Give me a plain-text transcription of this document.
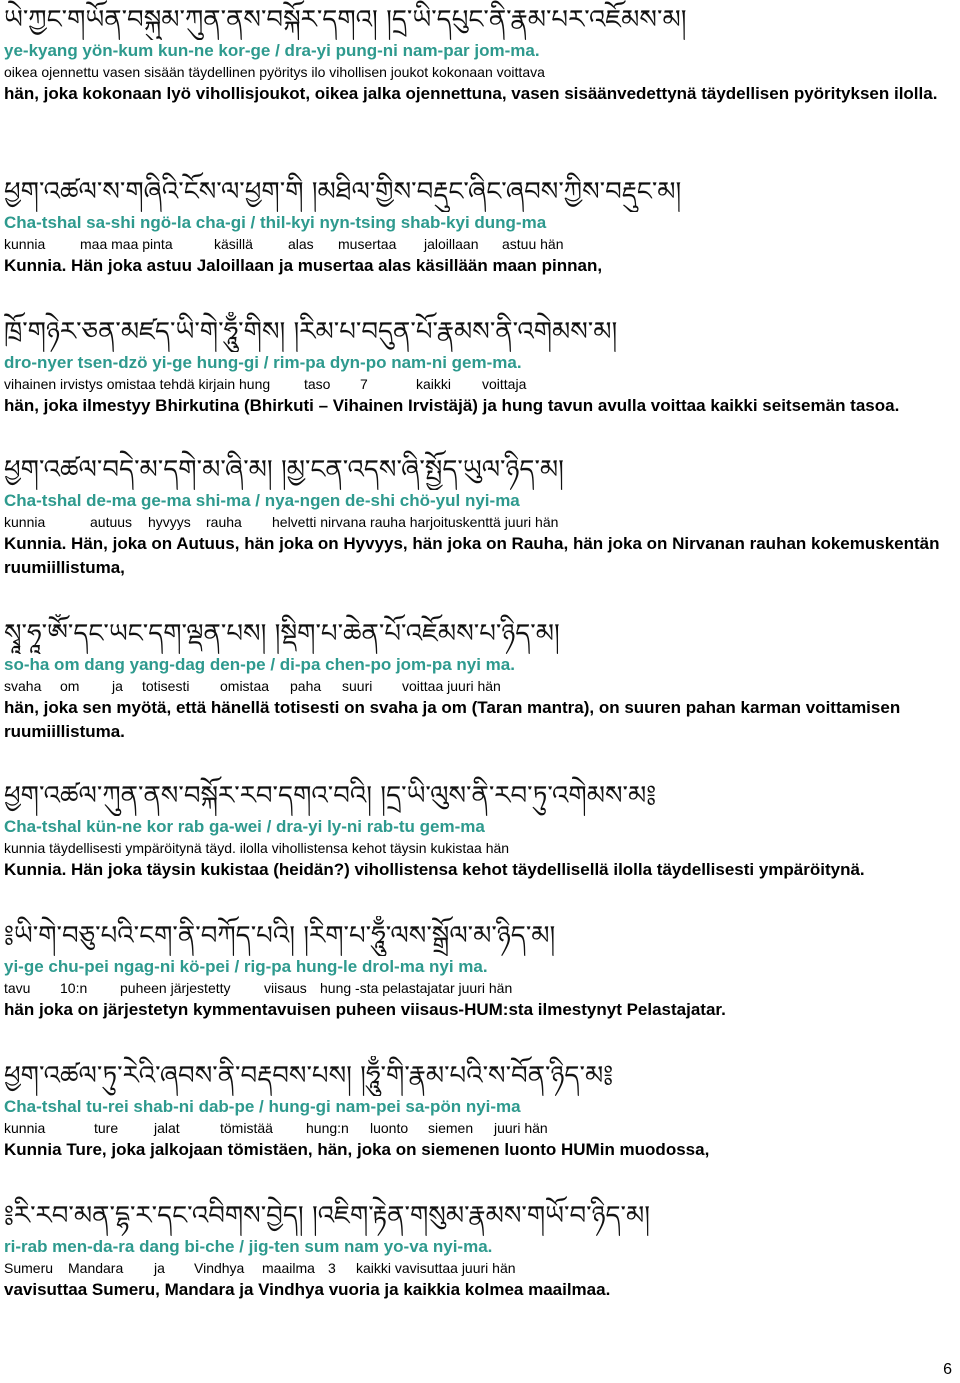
ཡེ་ཀྱང་གཡོན་བསྐུམ་ཀུན་ནས་བསྐོར་དགའ། །དྲ་ཡི་དཔུང་ནི་རྣམ་པར་འཇོམས་མ།
ye-kyang yön-kum kun-ne kor-ge / dra-yi pung-ni nam-par jom-ma.
oikea ojennettu vasen sisään täydellinen pyöritys ilo vihollisen joukot kokonaan voittava
hän, joka kokonaan lyö vihollisjoukot, oikea jalka ojennettuna, vasen sisäänvedettynä täydellisen pyörityksen ilolla.
ཕྱག་འཚལ་ས་གཞིའི་ངོས་ལ་ཕྱག་གི །མཐིལ་གྱིས་བརྡུང་ཞིང་ཞབས་ཀྱིས་བརྡུང་མ།
Cha-tshal sa-shi ngö-la cha-gi / thil-kyi nyn-tsing shab-kyi dung-ma
kunnia maa maa pinta	käsillä	alas musertaa jaloillaan astuu hän
Kunnia. Hän joka astuu Jaloillaan ja musertaa alas käsillään maan pinnan,
ཁྲོ་གཉེར་ཅན་མཛད་ཡི་གེ་ཧཱུྃ་གིས། །རིམ་པ་བདུན་པོ་རྣམས་ནི་འགེམས་མ།
dro-nyer tsen-dzö yi-ge hung-gi / rim-pa dyn-po nam-ni gem-ma.
vihainen irvistys omistaa tehdä kirjain hung taso 7	kaikki voittaja
hän, joka ilmestyy Bhirkutina (Bhirkuti – Vihainen Irvistäjä) ja hung tavun avulla voittaa kaikki seitsemän tasoa.
ཕྱག་འཚལ་བདེ་མ་དགེ་མ་ཞི་མ། །མྱ་ངན་འདས་ཞི་སྤྱོད་ཡུལ་ཉིད་མ།
Cha-tshal de-ma ge-ma shi-ma / nya-ngen de-shi chö-yul nyi-ma
kunnia	autuus hyvyys rauha helvetti nirvana rauha harjoituskenttä juuri hän
Kunnia. Hän, joka on Autuus, hän joka on Hyvyys, hän joka on Rauha, hän joka on Nirvanan rauhan kokemuskentän ruumiillistuma,
སྭཱ་ཧཱ་ཨོཾ་དང་ཡང་དག་ལྡན་པས། །སྡིག་པ་ཆེན་པོ་འཇོམས་པ་ཉིད་མ།
so-ha om dang yang-dag den-pe / di-pa chen-po jom-pa nyi ma.
svaha om ja totisesti omistaa paha suuri voittaa juuri hän
hän, joka sen myötä, että hänellä totisesti on svaha ja om (Taran mantra), on suuren pahan karman voittamisen ruumiillistuma.
ཕྱག་འཚལ་ཀུན་ནས་བསྐོར་རབ་དགའ་བའི། །དྲ་ཡི་ལུས་ནི་རབ་ཏུ་འགེམས་མ༔
Cha-tshal kün-ne kor rab ga-wei / dra-yi ly-ni rab-tu gem-ma
kunnia täydellisesti ympäröitynä täyd. ilolla vihollistensa kehot täysin kukistaa hän
Kunnia. Hän joka täysin kukistaa (heidän?) vihollistensa kehot täydellisellä ilolla täydellisesti ympäröitynä.
༔ཡི་གེ་བཅུ་པའི་ངག་ནི་བཀོད་པའི། །རིག་པ་ཧཱུྃ་ལས་སྒྲོལ་མ་ཉིད་མ།
yi-ge chu-pei ngag-ni kö-pei / rig-pa hung-le drol-ma nyi ma.
tavu 10:n puheen järjestetty viisaus hung -sta pelastajatar juuri hän
hän joka on järjestetyn kymmentavuisen puheen viisaus-HUM:sta ilmestynyt Pelastajatar.
ཕྱག་འཚལ་ཏུ་རེའི་ཞབས་ནི་བརྡབས་པས། །ཧཱུྃ་གི་རྣམ་པའི་ས་བོན་ཉིད་མ༔
Cha-tshal tu-rei shab-ni dab-pe / hung-gi nam-pei sa-pön nyi-ma
kunnia	ture	jalat	tömistää hung:n luonto siemen juuri hän
Kunnia Ture, joka jalkojaan tömistäen, hän, joka on siemenen luonto HUMin muodossa,
༔རི་རབ་མན་དྷ་ར་དང་འབིགས་བྱེད། །འཇིག་རྟེན་གསུམ་རྣམས་གཡོ་བ་ཉིད་མ།
ri-rab men-da-ra dang bi-che / jig-ten sum nam yo-va nyi-ma.
Sumeru Mandara ja Vindhya maailma 3 kaikki vavisuttaa juuri hän
vavisuttaa Sumeru, Mandara ja Vindhya vuoria ja kaikkia kolmea maailmaa.
6
